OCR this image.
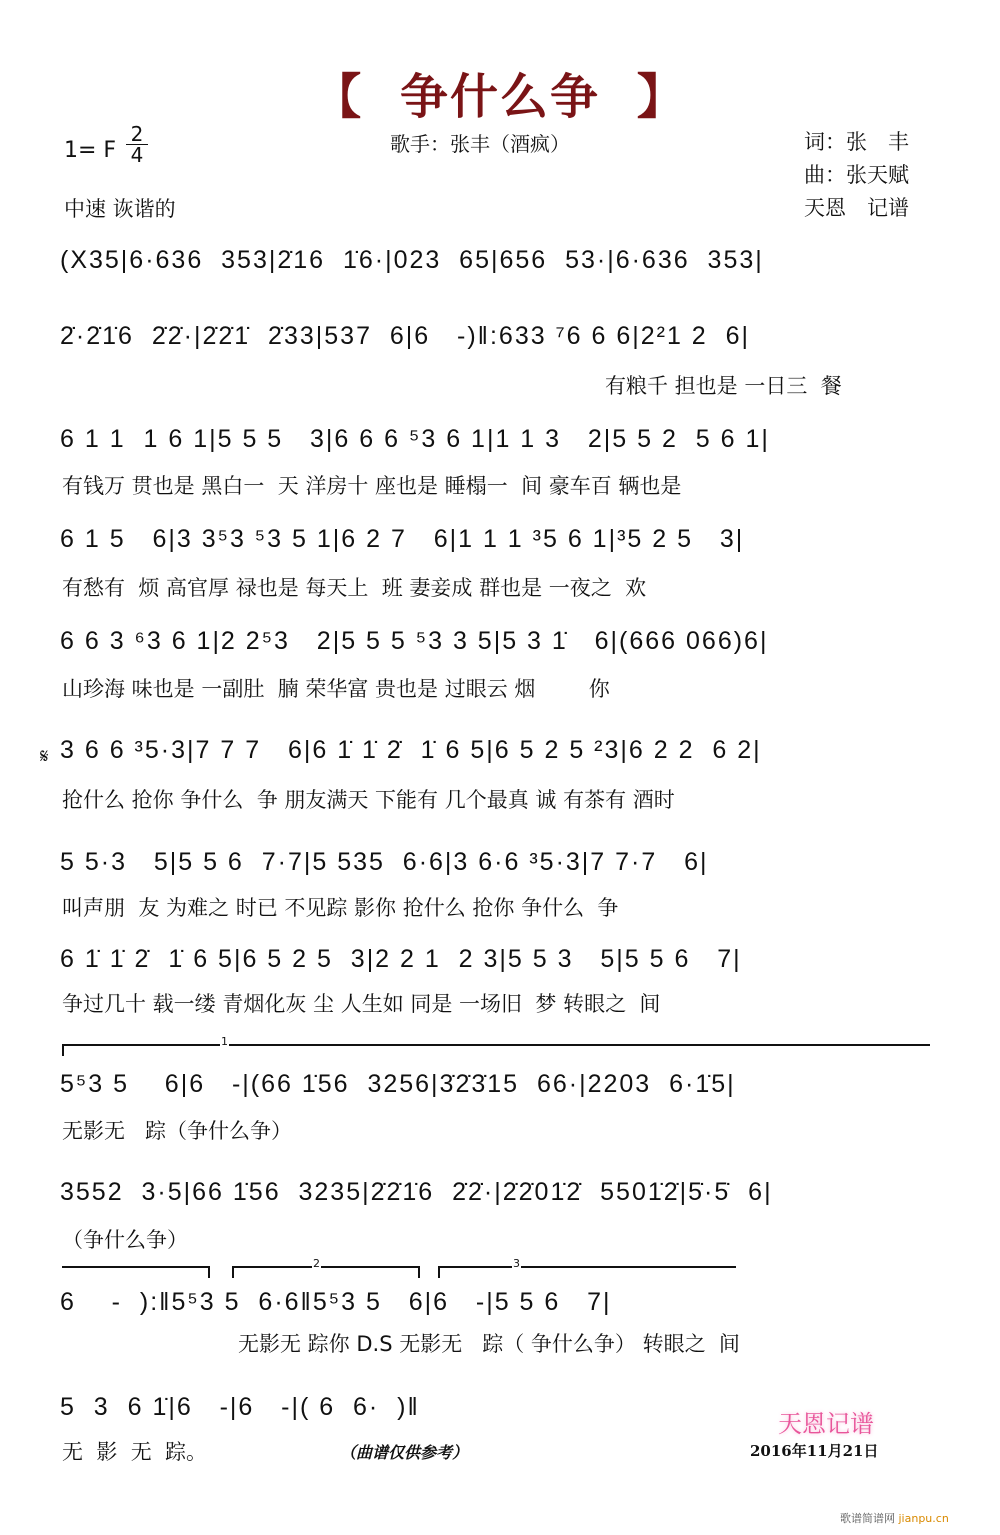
【 争什么争 】
歌手：张丰（酒疯）
1= F
2
4
中速 诙谐的
词：张　丰
曲：张天赋
天恩　记谱

(X35|6·636  353|2̇16  1̇6·|023  65|656  53·|6·636  353|

2̇·2̇1̇6  2̇2̇·|2̇2̇1̇  2̇33|537  6|6   -)‖:633 ⁷6 6 6|2²1 2  6|

有粮千 担也是 一日三  餐

6 1 1  1 6 1|5 5 5   3|6 6 6 ⁵3 6 1|1 1 3   2|5 5 2  5 6 1|

有钱万 贯也是 黑白一  天 洋房十 座也是 睡榻一  间 豪车百 辆也是

6 1 5   6|3 3⁵3 ⁵3 5 1|6 2 7   6|1 1 1 ³5 6 1|³5 2 5   3|

有愁有  烦 高官厚 禄也是 每天上  班 妻妾成 群也是 一夜之  欢

6 6 3 ⁶3 6 1|2 2⁵3   2|5 5 5 ⁵3 3 5|5 3 1̇   6|(666 066)6|

山珍海 味也是 一副肚  腩 荣华富 贵也是 过眼云 烟        你
𝄋

3 6 6 ³5·3|7 7 7   6|6 1̇ 1̇ 2̇  1̇ 6 5|6 5 2 5 ²3|6 2 2  6 2|

抢什么 抢你 争什么  争 朋友满天 下能有 几个最真 诚 有茶有 酒时

5 5·3   5|5 5 6  7·7|5 535  6·6|3 6·6 ³5·3|7 7·7   6|

叫声朋  友 为难之 时已 不见踪 影你 抢什么 抢你 争什么  争

6 1̇ 1̇ 2̇  1̇ 6 5|6 5 2 5  3|2 2 1  2 3|5 5 3   5|5 5 6   7|

争过几十 载一缕 青烟化灰 尘 人生如 同是 一场旧  梦 转眼之  间
1

5⁵3 5    6|6   -|(66 1̇56  3256|3̇2̇3̇15  66·|2203  6·1̇5|

无影无   踪（争什么争）

3552  3·5|66 1̇56  3235|2̇2̇1̇6  2̇2̇·|2̇2̇01̇2̇  5501̇2̇|5̇·5̇  6|

（争什么争）
2	3

6    -  ):‖5⁵3 5  6·6‖5⁵3 5   6|6   -|5 5 6   7|

无影无 踪你 D.S 无影无   踪（ 争什么争） 转眼之  间

5  3  6 1̇|6   -|6   -|( 6  6·  )‖

无  影  无  踪。	（曲谱仅供参考）
天恩记谱
2016年11月21日
歌谱简谱网 jianpu.cn
